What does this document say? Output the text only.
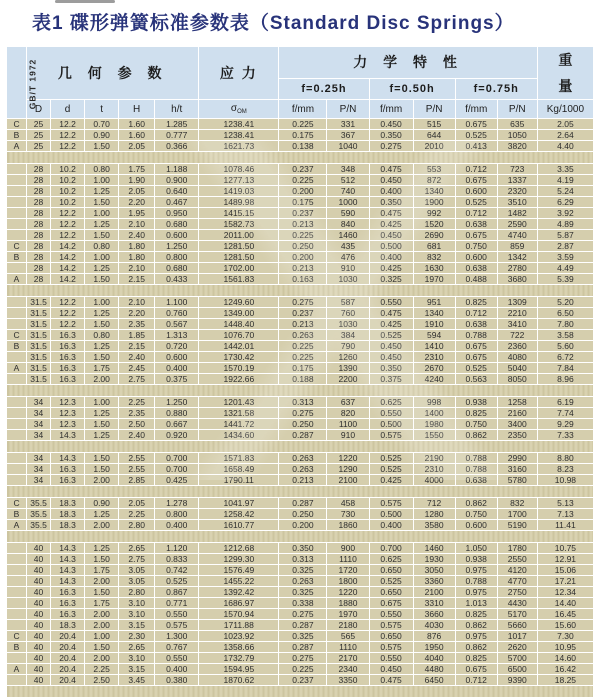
表1 碟形弹簧标准参数表（Standard Disc Springs）
GB/T 1972	几 何 参 数					应 力	力 学 特 性						重
量

							f=0.25h		f=0.50h		f=0.75h		
	D	d	t	H	h/t	$\sigma_{OM}$	f/mm	P/N	f/mm	P/N	f/mm	P/N	Kg/1000
C	25	12.2	0.70	1.60	1.285	1238.41	0.225	331	0.450	515	0.675	635	2.05
B	25	12.2	0.90	1.60	0.777	1238.41	0.175	367	0.350	644	0.525	1050	2.64
A	25	12.2	1.50	2.05	0.366	1621.73	0.138	1040	0.275	2010	0.413	3820	4.40

	28	10.2	0.80	1.75	1.188	1078.46	0.237	348	0.475	553	0.712	723	3.35
	28	10.2	1.00	1.90	0.900	1277.13	0.225	512	0.450	872	0.675	1337	4.19
	28	10.2	1.25	2.05	0.640	1419.03	0.200	740	0.400	1340	0.600	2320	5.24
	28	10.2	1.50	2.20	0.467	1489.98	0.175	1000	0.350	1900	0.525	3510	6.29
	28	12.2	1.00	1.95	0.950	1415.15	0.237	590	0.475	992	0.712	1482	3.92
	28	12.2	1.25	2.10	0.680	1582.73	0.213	840	0.425	1520	0.638	2590	4.89
	28	12.2	1.50	2.40	0.600	2011.00	0.225	1460	0.450	2690	0.675	4740	5.87
C	28	14.2	0.80	1.80	1.250	1281.50	0.250	435	0.500	681	0.750	859	2.87
B	28	14.2	1.00	1.80	0.800	1281.50	0.200	476	0.400	832	0.600	1342	3.59
	28	14.2	1.25	2.10	0.680	1702.00	0.213	910	0.425	1630	0.638	2780	4.49
A	28	14.2	1.50	2.15	0.433	1561.83	0.163	1030	0.325	1970	0.488	3680	5.39

	31.5	12.2	1.00	2.10	1.100	1249.60	0.275	587	0.550	951	0.825	1309	5.20
	31.5	12.2	1.25	2.20	0.760	1349.00	0.237	760	0.475	1340	0.712	2210	6.50
	31.5	12.2	1.50	2.35	0.567	1448.40	0.213	1030	0.425	1910	0.638	3410	7.80
C	31.5	16.3	0.80	1.85	1.313	1076.70	0.263	384	0.525	594	0.788	722	3.58
B	31.5	16.3	1.25	2.15	0.720	1442.01	0.225	790	0.450	1410	0.675	2360	5.60
	31.5	16.3	1.50	2.40	0.600	1730.42	0.225	1260	0.450	2310	0.675	4080	6.72
A	31.5	16.3	1.75	2.45	0.400	1570.19	0.175	1390	0.350	2670	0.525	5040	7.84
	31.5	16.3	2.00	2.75	0.375	1922.66	0.188	2200	0.375	4240	0.563	8050	8.96

	34	12.3	1.00	2.25	1.250	1201.43	0.313	637	0.625	998	0.938	1258	6.19
	34	12.3	1.25	2.35	0.880	1321.58	0.275	820	0.550	1400	0.825	2160	7.74
	34	12.3	1.50	2.50	0.667	1441.72	0.250	1100	0.500	1980	0.750	3400	9.29
	34	14.3	1.25	2.40	0.920	1434.60	0.287	910	0.575	1550	0.862	2350	7.33

	34	14.3	1.50	2.55	0.700	1571.83	0.263	1220	0.525	2190	0.788	2990	8.80
	34	16.3	1.50	2.55	0.700	1658.49	0.263	1290	0.525	2310	0.788	3160	8.23
	34	16.3	2.00	2.85	0.425	1790.11	0.213	2100	0.425	4000	0.638	5780	10.98

C	35.5	18.3	0.90	2.05	1.278	1041.97	0.287	458	0.575	712	0.862	832	5.13
B	35.5	18.3	1.25	2.25	0.800	1258.42	0.250	730	0.500	1280	0.750	1700	7.13
A	35.5	18.3	2.00	2.80	0.400	1610.77	0.200	1860	0.400	3580	0.600	5190	11.41

	40	14.3	1.25	2.65	1.120	1212.68	0.350	900	0.700	1460	1.050	1780	10.75
	40	14.3	1.50	2.75	0.833	1299.30	0.313	1110	0.625	1930	0.938	2550	12.91
	40	14.3	1.75	3.05	0.742	1576.49	0.325	1720	0.650	3050	0.975	4120	15.06
	40	14.3	2.00	3.05	0.525	1455.22	0.263	1800	0.525	3360	0.788	4770	17.21
	40	16.3	1.50	2.80	0.867	1392.42	0.325	1220	0.650	2100	0.975	2750	12.34
	40	16.3	1.75	3.10	0.771	1686.97	0.338	1880	0.675	3310	1.013	4430	14.40
	40	16.3	2.00	3.10	0.550	1570.94	0.275	1970	0.550	3660	0.825	5170	16.45
	40	18.3	2.00	3.15	0.575	1711.88	0.287	2180	0.575	4030	0.862	5660	15.60
C	40	20.4	1.00	2.30	1.300	1023.92	0.325	565	0.650	876	0.975	1017	7.30
B	40	20.4	1.50	2.65	0.767	1358.66	0.287	1110	0.575	1950	0.862	2620	10.95
	40	20.4	2.00	3.10	0.550	1732.79	0.275	2170	0.550	4040	0.825	5700	14.60
A	40	20.4	2.25	3.15	0.400	1594.95	0.225	2340	0.450	4480	0.675	6500	16.42
	40	20.4	2.50	3.45	0.380	1870.62	0.237	3350	0.475	6450	0.712	9390	18.25
